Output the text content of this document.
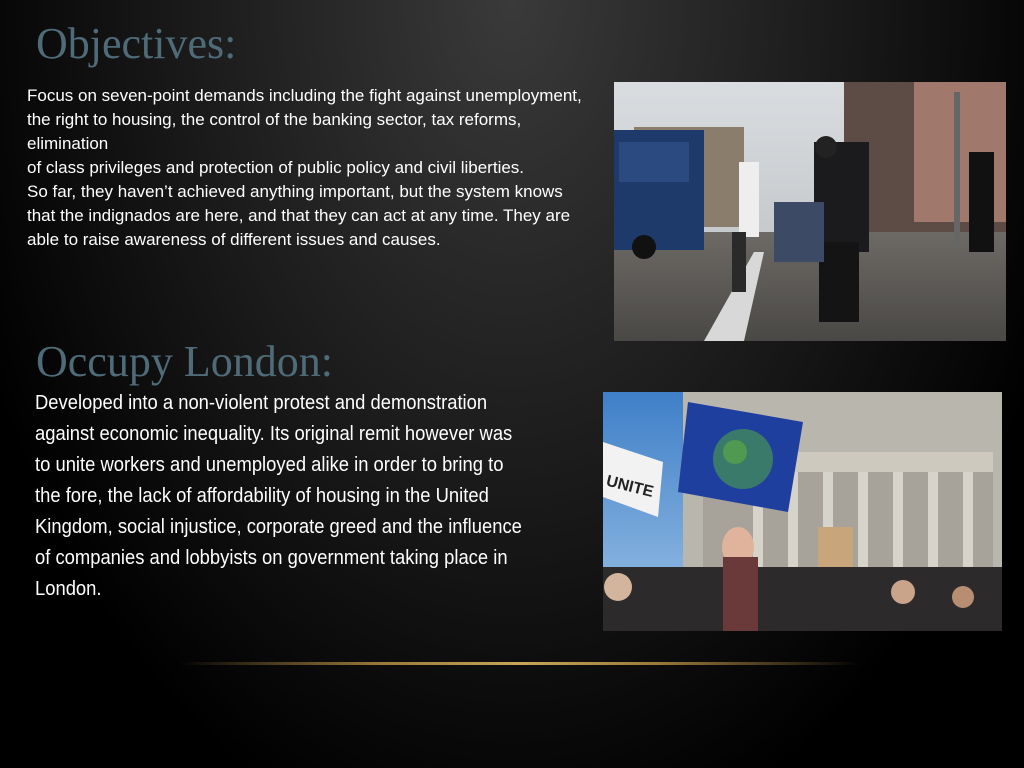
Objectives:
Focus on seven-point demands including the fight against unemployment, the right to housing, the control of the banking sector, tax reforms, elimination
of class privileges and protection of public policy and civil liberties.
So far, they haven’t achieved anything important, but the system knows that the indignados are here, and that they can act at any time. They are able to raise awareness of different issues and causes.
Occupy London:

Developed into a non-violent protest and demonstration against economic inequality. Its original remit however was to unite workers and unemployed alike in order to bring to the fore, the lack of affordability of housing in the United Kingdom, social injustice, corporate greed and the influence of companies and lobbyists on government taking place in London.

UNITE
